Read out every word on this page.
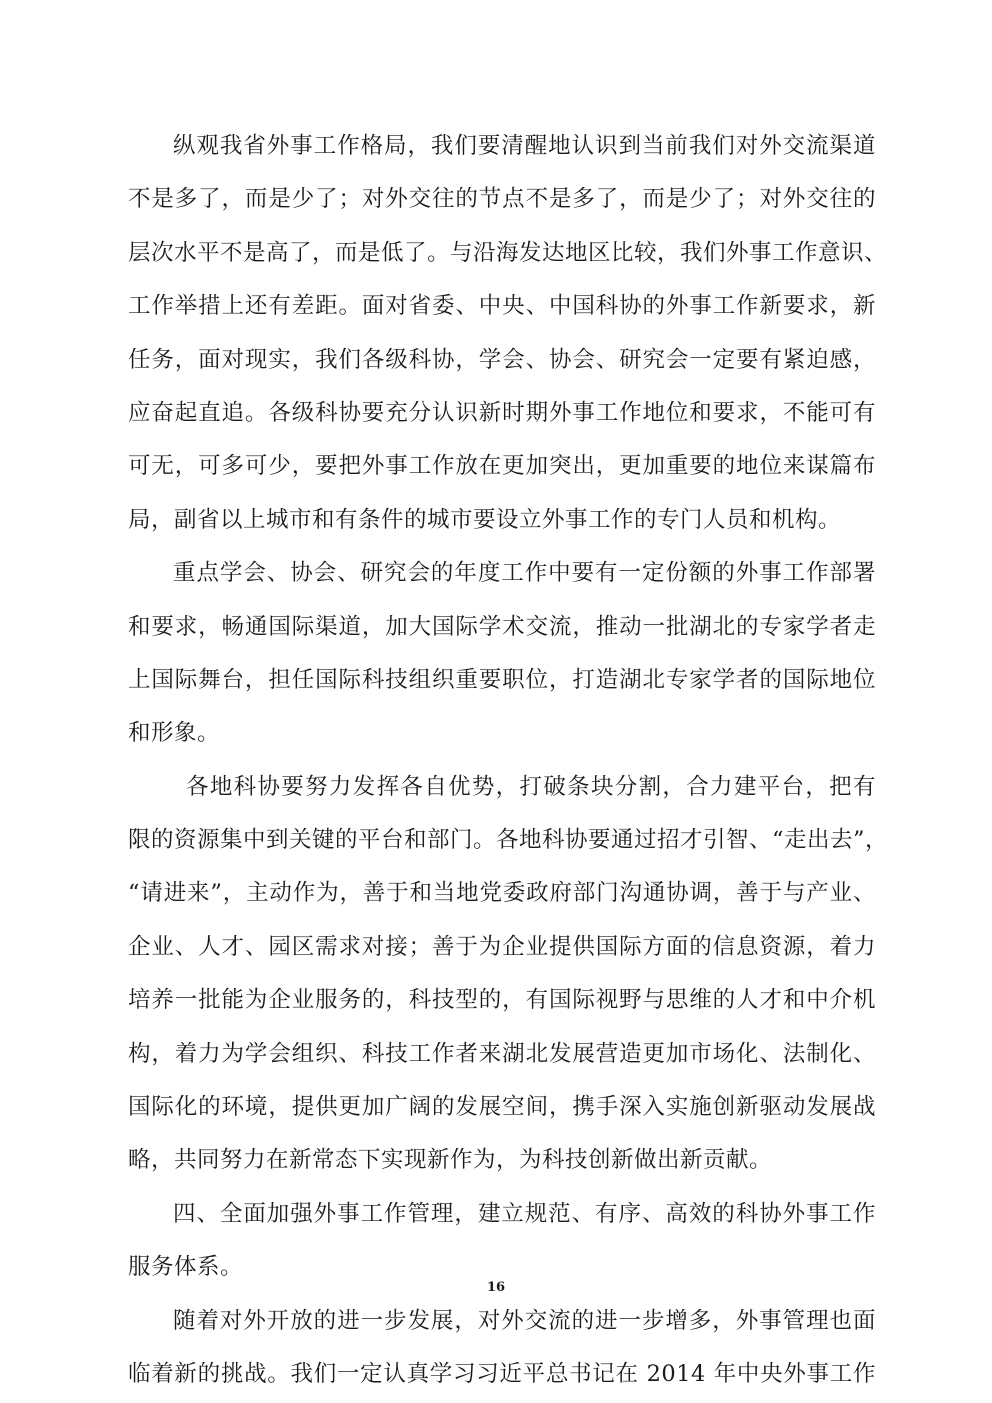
纵观我省外事工作格局，我们要清醒地认识到当前我们对外交流渠道
不是多了，而是少了；对外交往的节点不是多了，而是少了；对外交往的
层次水平不是高了，而是低了。与沿海发达地区比较，我们外事工作意识、
工作举措上还有差距。面对省委、中央、中国科协的外事工作新要求，新
任务，面对现实，我们各级科协，学会、协会、研究会一定要有紧迫感，
应奋起直追。各级科协要充分认识新时期外事工作地位和要求，不能可有
可无，可多可少，要把外事工作放在更加突出，更加重要的地位来谋篇布
局，副省以上城市和有条件的城市要设立外事工作的专门人员和机构。
重点学会、协会、研究会的年度工作中要有一定份额的外事工作部署
和要求，畅通国际渠道，加大国际学术交流，推动一批湖北的专家学者走
上国际舞台，担任国际科技组织重要职位，打造湖北专家学者的国际地位
和形象。
各地科协要努力发挥各自优势，打破条块分割，合力建平台，把有
限的资源集中到关键的平台和部门。各地科协要通过招才引智、“走出去”，
“请进来”，主动作为，善于和当地党委政府部门沟通协调，善于与产业、
企业、人才、园区需求对接；善于为企业提供国际方面的信息资源，着力
培养一批能为企业服务的，科技型的，有国际视野与思维的人才和中介机
构，着力为学会组织、科技工作者来湖北发展营造更加市场化、法制化、
国际化的环境，提供更加广阔的发展空间，携手深入实施创新驱动发展战
略，共同努力在新常态下实现新作为，为科技创新做出新贡献。
四、全面加强外事工作管理，建立规范、有序、高效的科协外事工作
服务体系。
随着对外开放的进一步发展，对外交流的进一步增多，外事管理也面
临着新的挑战。我们一定认真学习习近平总书记在 2014 年中央外事工作
16
